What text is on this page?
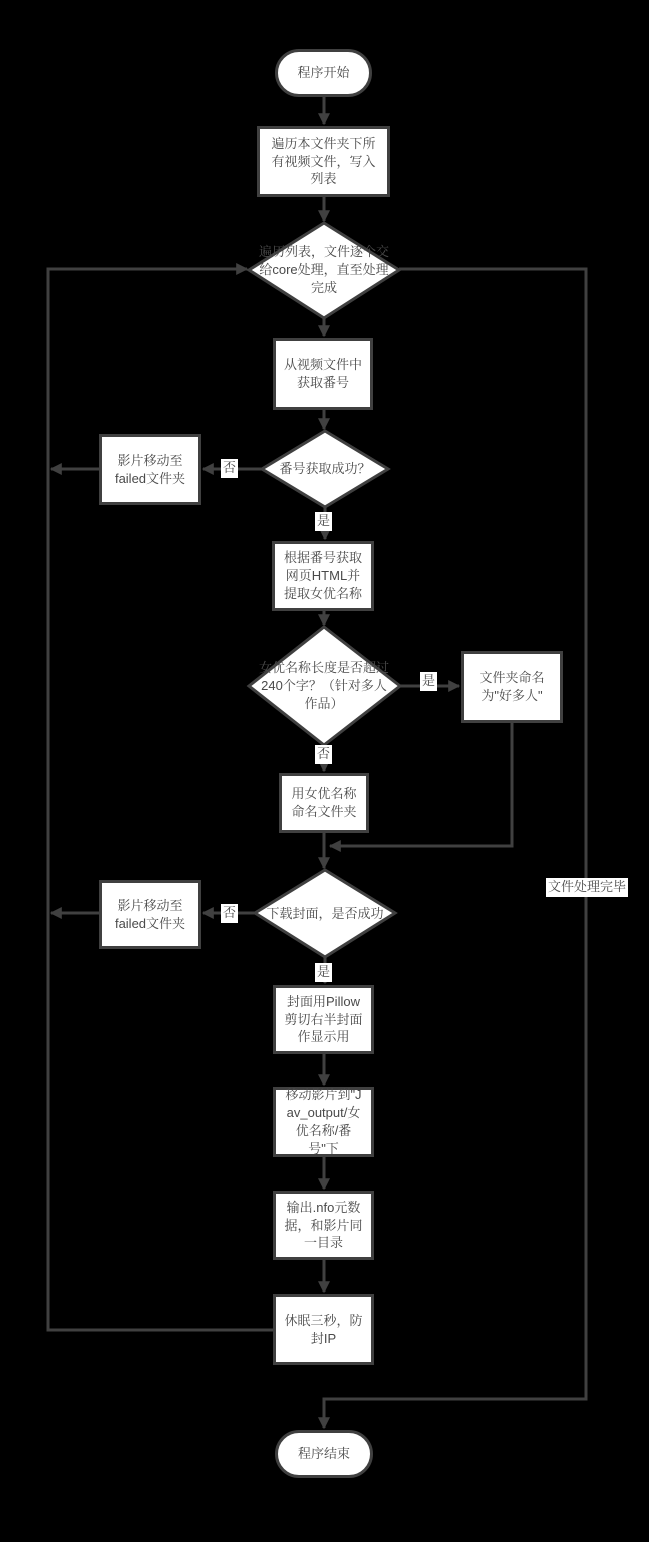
程序开始
遍历本文件夹下所有视频文件，写入列表
从视频文件中获取番号
影片移动至failed文件夹
根据番号获取网页HTML并提取女优名称
文件夹命名为"好多人"
用女优名称命名文件夹
影片移动至failed文件夹
封面用Pillow剪切右半封面作显示用
移动影片到"Jav_output/女优名称/番号"下
输出.nfo元数据，和影片同一目录
休眠三秒，防封IP
程序结束
遍历列表，文件逐个交给core处理，直至处理完成
番号获取成功？
女优名称长度是否超过240个字？（针对多人作品）
下载封面，是否成功
否
是
是
否
否
是
文件处理完毕
